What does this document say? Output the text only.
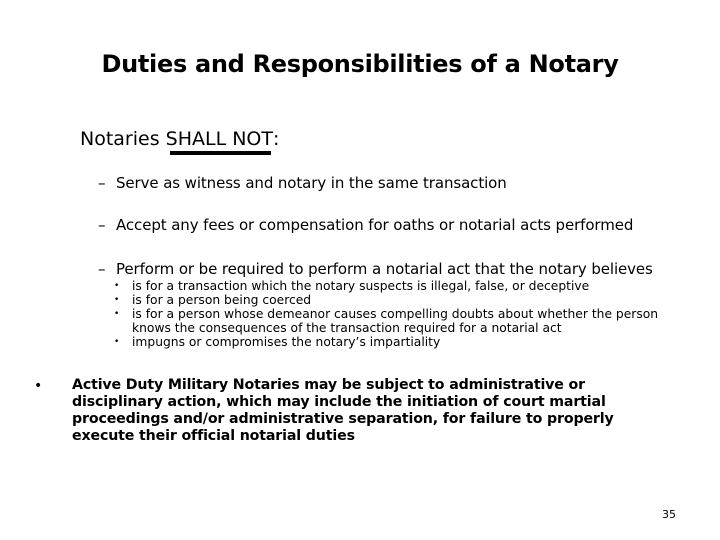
Duties and Responsibilities of a Notary
Notaries SHALL NOT
:
– Serve as witness and notary in the same transaction
– Accept any fees or compensation for oaths or notarial acts performed
– Perform or be required to perform a notarial act that the notary believes
• is for a transaction which the notary suspects is illegal, false, or deceptive
• is for a person being coerced
• is for a person whose demeanor causes compelling doubts about whether the person knows the consequences of the transaction required for a notarial act
• impugns or compromises the notary’s impartiality
• Active Duty Military Notaries may be subject to administrative or disciplinary action, which may include the initiation of court martial proceedings and/or administrative separation, for failure to properly execute their official notarial duties
35
